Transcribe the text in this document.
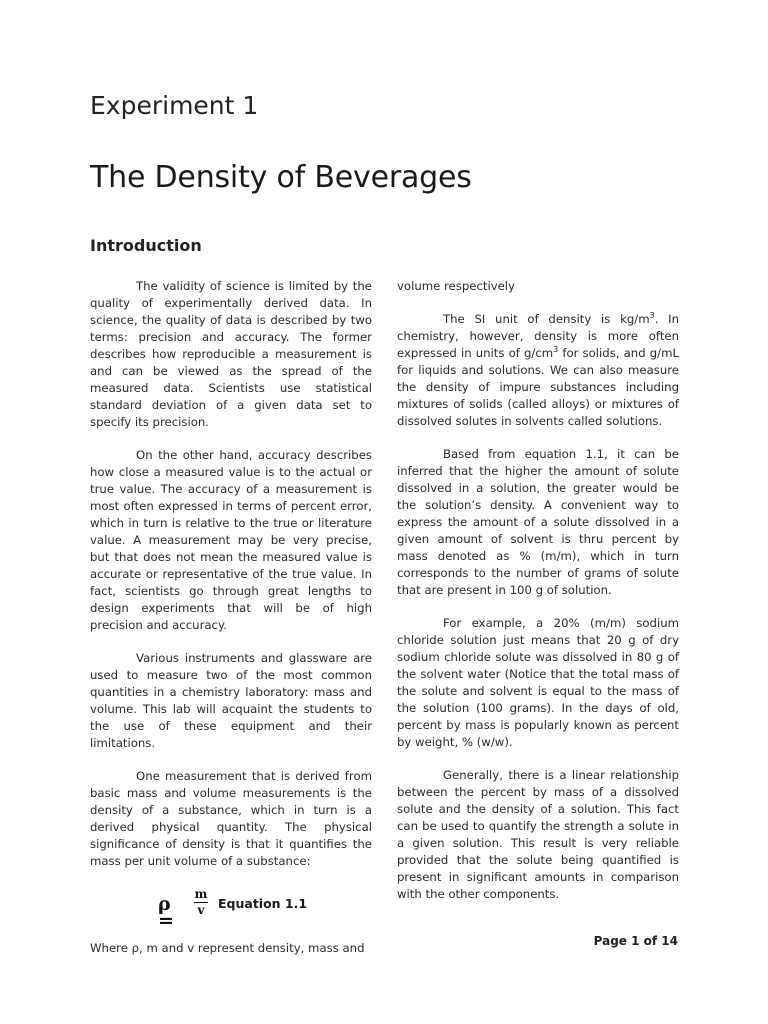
Experiment 1
The Density of Beverages
Introduction

The validity of science is limited by the quality of experimentally derived data. In science, the quality of data is described by two terms: precision and accuracy. The former describes how reproducible a measurement is and can be viewed as the spread of the measured data. Scientists use statistical standard deviation of a given data set to specify its precision.

On the other hand, accuracy describes how close a measured value is to the actual or true value. The accuracy of a measurement is most often expressed in terms of percent error, which in turn is relative to the true or literature value. A measurement may be very precise, but that does not mean the measured value is accurate or representative of the true value. In fact, scientists go through great lengths to design experiments that will be of high precision and accuracy.

Various instruments and glassware are used to measure two of the most common quantities in a chemistry laboratory: mass and volume. This lab will acquaint the students to the use of these equipment and their limitations.

One measurement that is derived from basic mass and volume measurements is the density of a substance, which in turn is a derived physical quantity. The physical significance of density is that it quantifies the mass per unit volume of a substance:

ρ =
m
v Equation 1.1

Where ρ, m and v represent density, mass and

volume respectively

The SI unit of density is $kg/m^3$. In chemistry, however, density is more often expressed in units of $g/cm^3$ for solids, and g/mL for liquids and solutions. We can also measure the density of impure substances including mixtures of solids (called alloys) or mixtures of dissolved solutes in solvents called solutions.

Based from equation 1.1, it can be inferred that the higher the amount of solute dissolved in a solution, the greater would be the solution’s density. A convenient way to express the amount of a solute dissolved in a given amount of solvent is thru percent by mass denoted as % (m/m), which in turn corresponds to the number of grams of solute that are present in 100 g of solution.

For example, a 20% (m/m) sodium chloride solution just means that 20 g of dry sodium chloride solute was dissolved in 80 g of the solvent water (Notice that the total mass of the solute and solvent is equal to the mass of the solution (100 grams). In the days of old, percent by mass is popularly known as percent by weight, % (w/w).

Generally, there is a linear relationship between the percent by mass of a dissolved solute and the density of a solution. This fact can be used to quantify the strength a solute in a given solution. This result is very reliable provided that the solute being quantified is present in significant amounts in comparison with the other components.

Page 1 of 14
